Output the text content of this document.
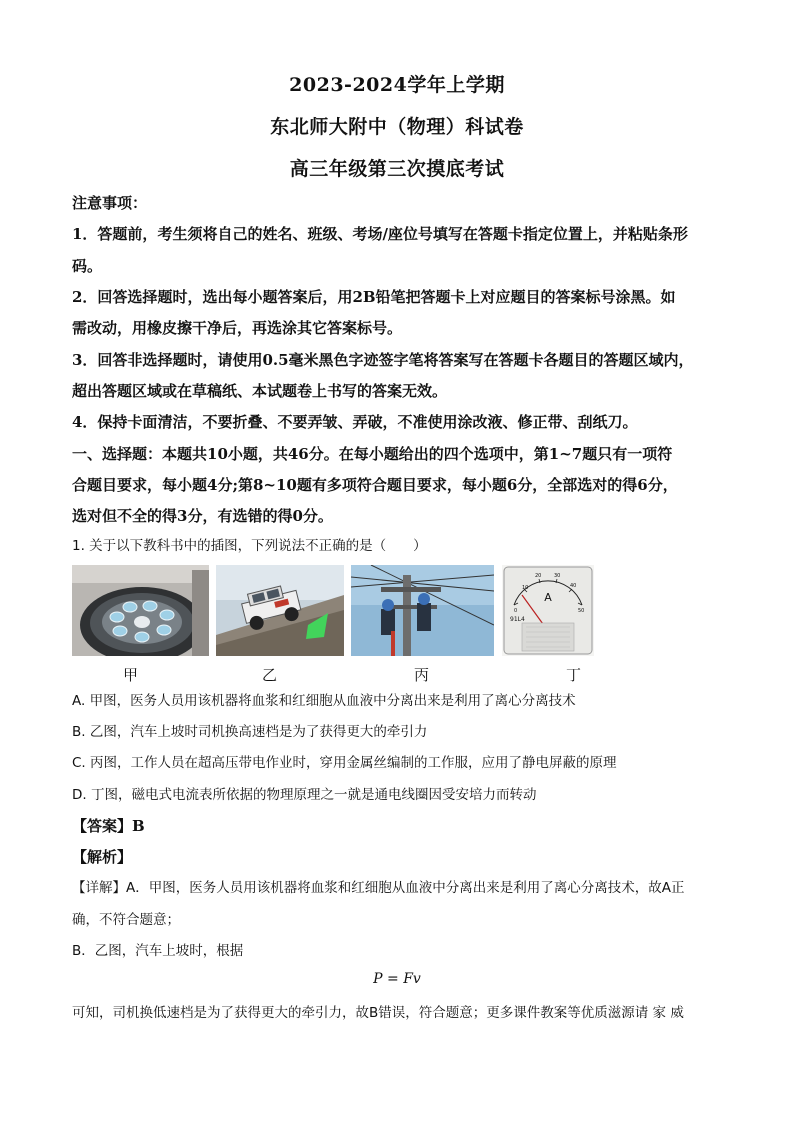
2023-2024学年上学期
东北师大附中（物理）科试卷
高三年级第三次摸底考试
注意事项：
1．答题前，考生须将自己的姓名、班级、考场/座位号填写在答题卡指定位置上，并粘贴条形
码。
2．回答选择题时，选出每小题答案后，用2B铅笔把答题卡上对应题目的答案标号涂黑。如
需改动，用橡皮擦干净后，再选涂其它答案标号。
3．回答非选择题时，请使用0.5毫米黑色字迹签字笔将答案写在答题卡各题目的答题区域内，
超出答题区域或在草稿纸、本试题卷上书写的答案无效。
4．保持卡面清洁，不要折叠、不要弄皱、弄破，不准使用涂改液、修正带、刮纸刀。
一、选择题：本题共10小题，共46分。在每小题给出的四个选项中，第1~7题只有一项符
合题目要求，每小题4分;第8~10题有多项符合题目要求，每小题6分，全部选对的得6分，
选对但不全的得3分，有选错的得0分。
1. 关于以下教科书中的插图，下列说法不正确的是（　　）
A
91L4
0
10
20	30
40
50
甲	乙	丙	丁
A. 甲图，医务人员用该机器将血浆和红细胞从血液中分离出来是利用了离心分离技术
B. 乙图，汽车上坡时司机换高速档是为了获得更大的牵引力
C. 丙图，工作人员在超高压带电作业时，穿用金属丝编制的工作服，应用了静电屏蔽的原理
D. 丁图，磁电式电流表所依据的物理原理之一就是通电线圈因受安培力而转动
【答案】B
【解析】
【详解】A．甲图，医务人员用该机器将血浆和红细胞从血液中分离出来是利用了离心分离技术，故A正
确，不符合题意；
B．乙图，汽车上坡时，根据
P = Fv
可知，司机换低速档是为了获得更大的牵引力，故B错误，符合题意；更多课件教案等优质滋源请 家 威
